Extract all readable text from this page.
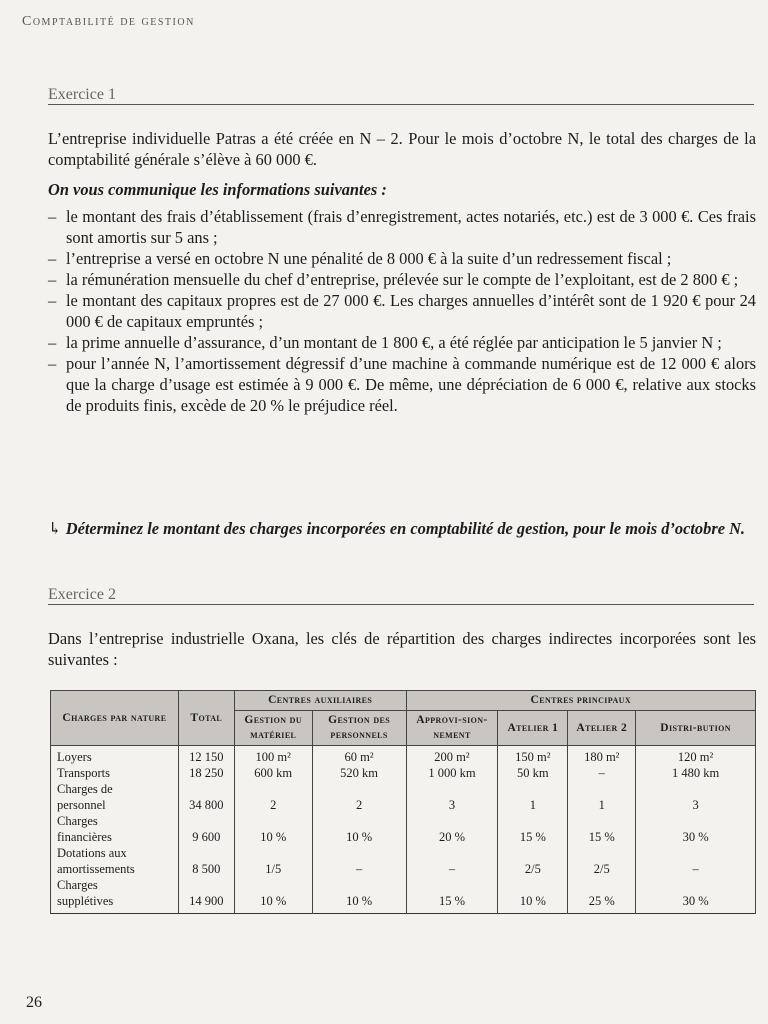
Comptabilité de gestion
Exercice 1
L’entreprise individuelle Patras a été créée en N – 2. Pour le mois d’octobre N, le total des charges de la comptabilité générale s’élève à 60 000 €.
On vous communique les informations suivantes :
– le montant des frais d’établissement (frais d’enregistrement, actes notariés, etc.) est de 3 000 €. Ces frais sont amortis sur 5 ans ;
– l’entreprise a versé en octobre N une pénalité de 8 000 € à la suite d’un redressement fiscal ;
– la rémunération mensuelle du chef d’entreprise, prélevée sur le compte de l’exploitant, est de 2 800 € ;
– le montant des capitaux propres est de 27 000 €. Les charges annuelles d’intérêt sont de 1 920 € pour 24 000 € de capitaux empruntés ;
– la prime annuelle d’assurance, d’un montant de 1 800 €, a été réglée par anticipation le 5 janvier N ;
– pour l’année N, l’amortissement dégressif d’une machine à commande numérique est de 12 000 € alors que la charge d’usage est estimée à 9 000 €. De même, une dépréciation de 6 000 €, relative aux stocks de produits finis, excède de 20 % le préjudice réel.
↳ Déterminez le montant des charges incorporées en comptabilité de gestion, pour le mois d’octobre N.
Exercice 2
Dans l’entreprise industrielle Oxana, les clés de répartition des charges indirectes incorporées sont les suivantes :
Charges par nature	Total	Centres auxiliaires		Centres principaux			
		Gestion du matériel	Gestion des personnels	Approvi-sion-nement	Atelier 1	Atelier 2	Distri-bution
Loyers	12 150	100 m²	60 m²	200 m²	150 m²	180 m²	120 m²
Transports	18 250	600 km	520 km	1 000 km	50 km	–	1 480 km
Charges de
personnel	34 800	2	2	3	1	1	3
Charges
financières	9 600	10 %	10 %	20 %	15 %	15 %	30 %
Dotations aux
amortissements	8 500	1/5	–	–	2/5	2/5	–
Charges
supplétives	14 900	10 %	10 %	15 %	10 %	25 %	30 %
26
